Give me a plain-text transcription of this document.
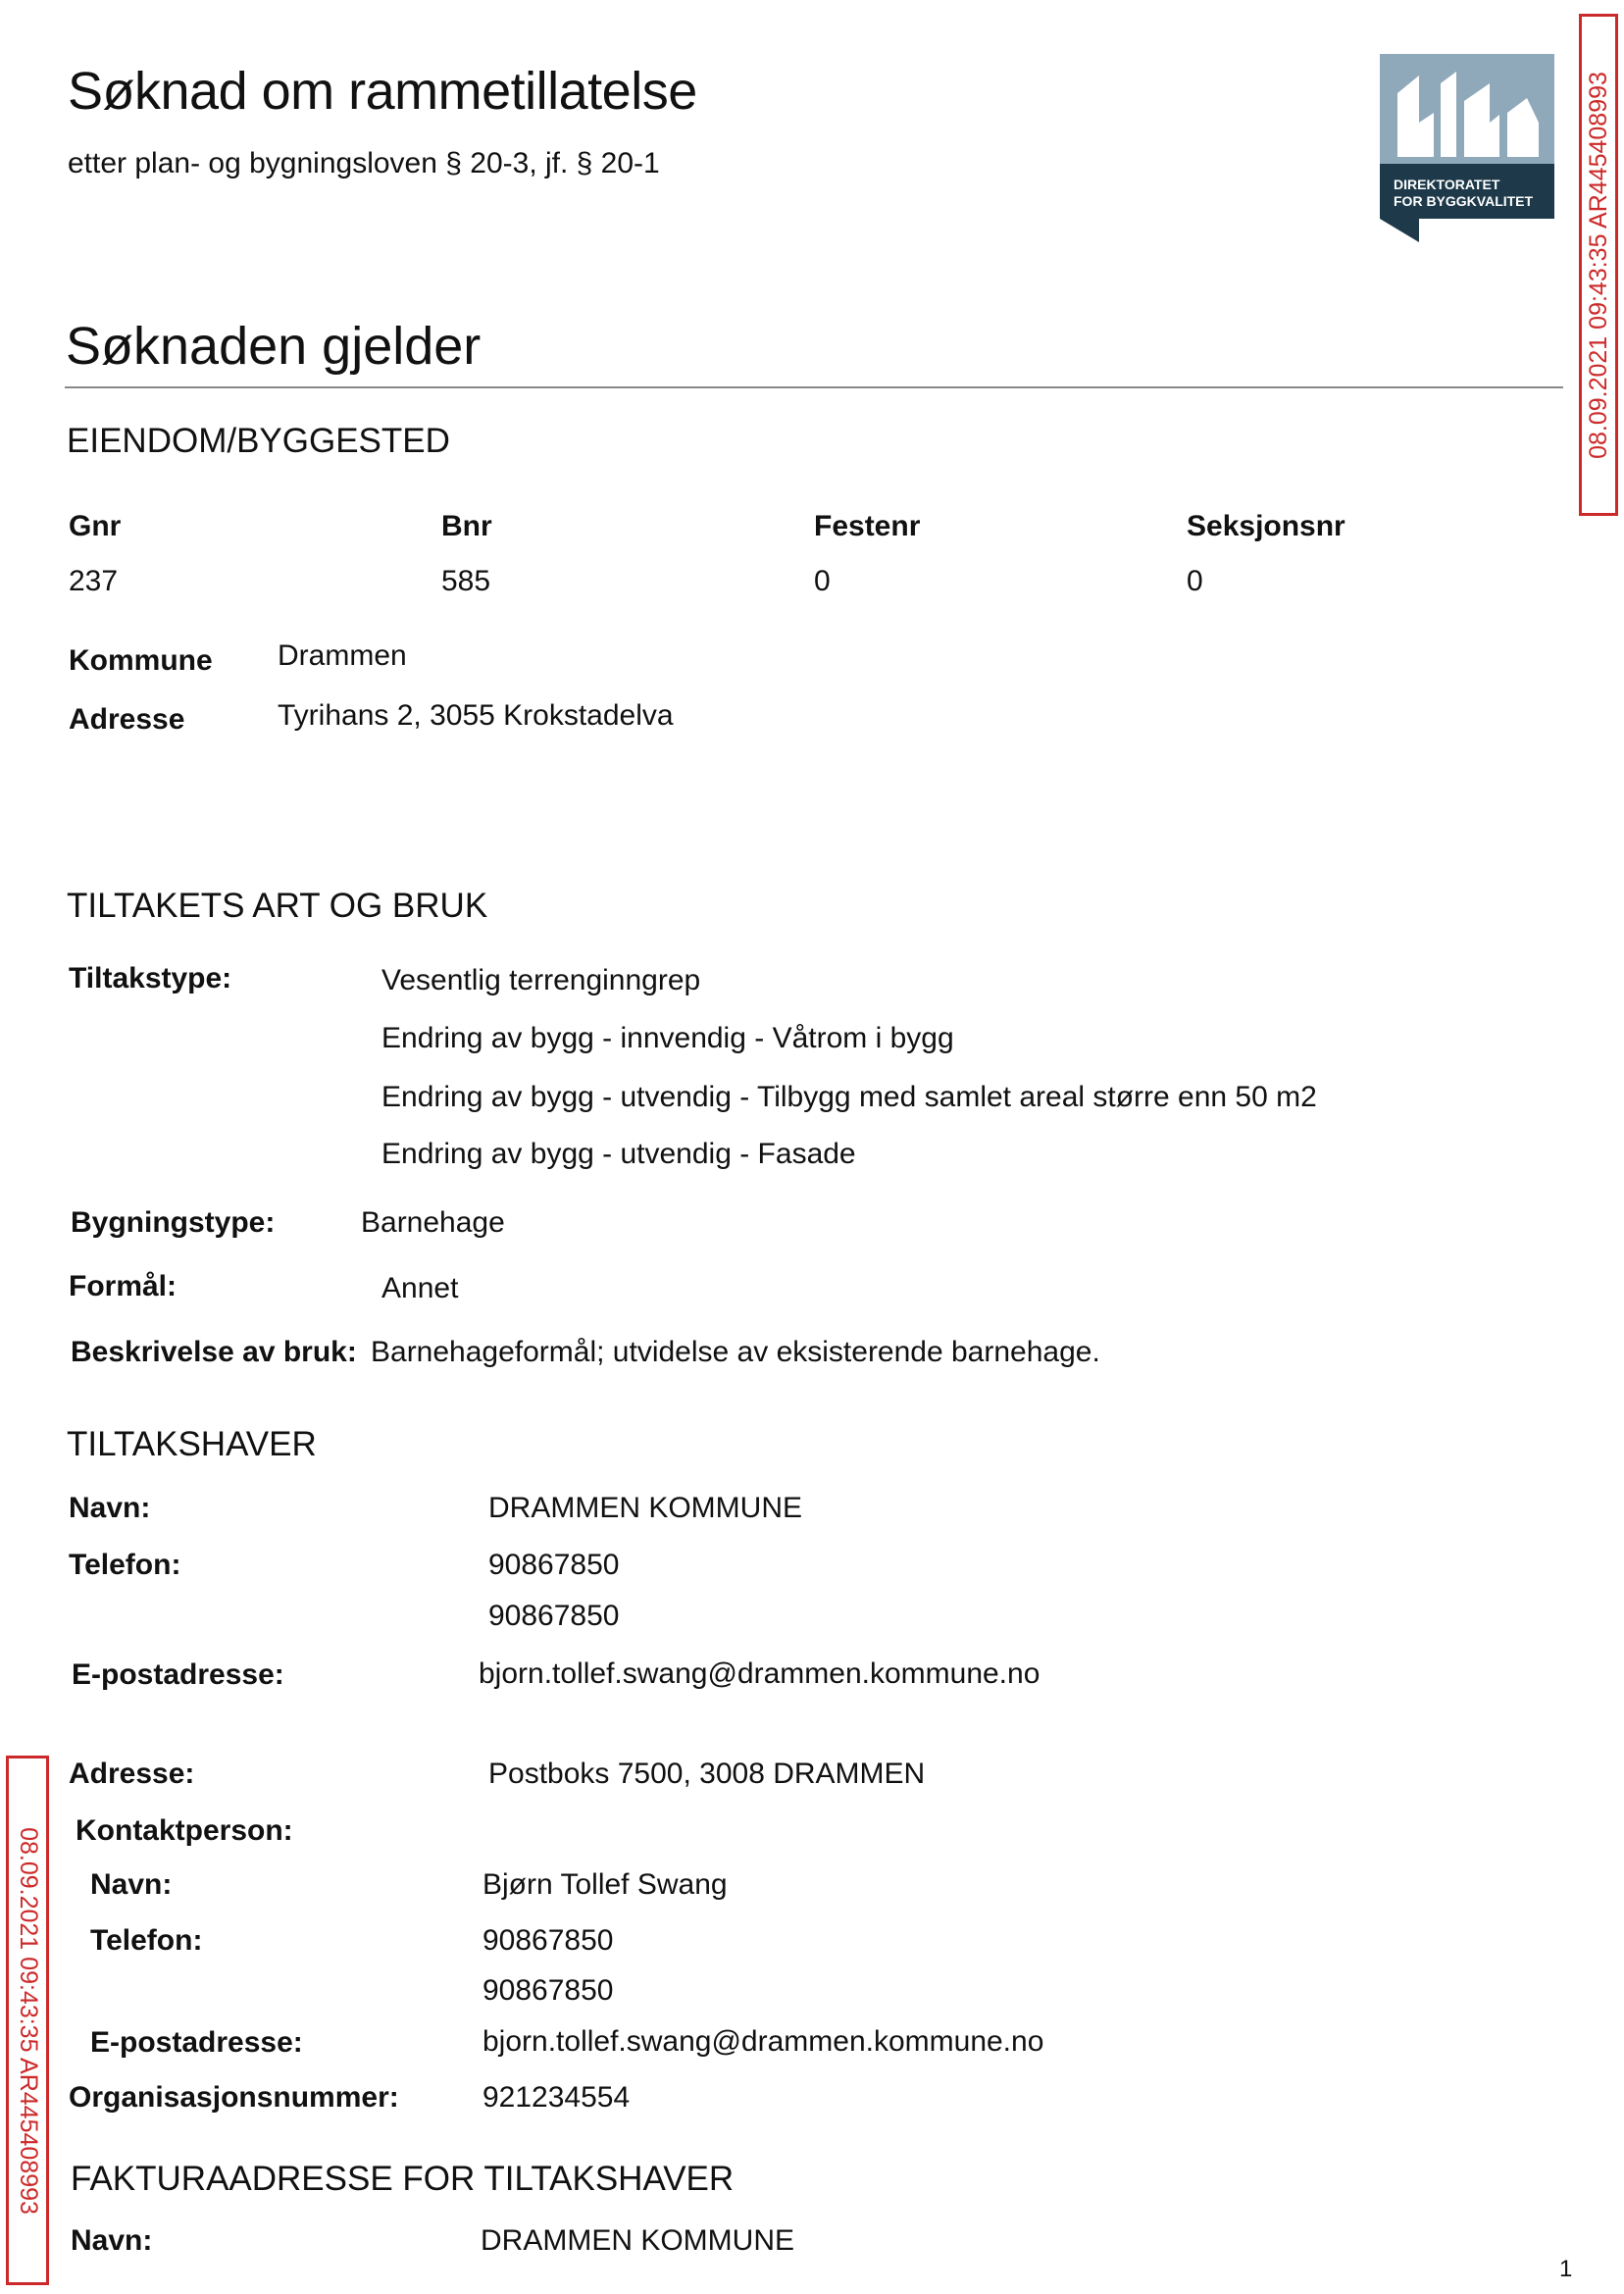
Søknad om rammetillatelse
etter plan- og bygningsloven § 20-3, jf. § 20-1
DIREKTORATET
FOR BYGGKVALITET 08.09.2021 09:43:35 AR445408993
08.09.2021 09:43:35 AR445408993
Søknaden gjelder
EIENDOM/BYGGESTED
Gnr	Bnr	Festenr	Seksjonsnr
237	585	0	0
Kommune Drammen
Adresse	Tyrihans 2, 3055 Krokstadelva
TILTAKETS ART OG BRUK
Tiltakstype:	Vesentlig terrenginngrep
Endring av bygg - innvendig - Våtrom i bygg
Endring av bygg - utvendig - Tilbygg med samlet areal større enn 50 m2
Endring av bygg - utvendig - Fasade
Bygningstype:	Barnehage
Formål:	Annet
Beskrivelse av bruk: Barnehageformål; utvidelse av eksisterende barnehage.
TILTAKSHAVER
Navn:	DRAMMEN KOMMUNE
Telefon:	90867850
90867850
E-postadresse:	bjorn.tollef.swang@drammen.kommune.no
Adresse:	Postboks 7500, 3008 DRAMMEN
Kontaktperson:
Navn:	Bjørn Tollef Swang
Telefon:	90867850
90867850
E-postadresse:	bjorn.tollef.swang@drammen.kommune.no
Organisasjonsnummer:	921234554
FAKTURAADRESSE FOR TILTAKSHAVER
Navn:	DRAMMEN KOMMUNE
1
